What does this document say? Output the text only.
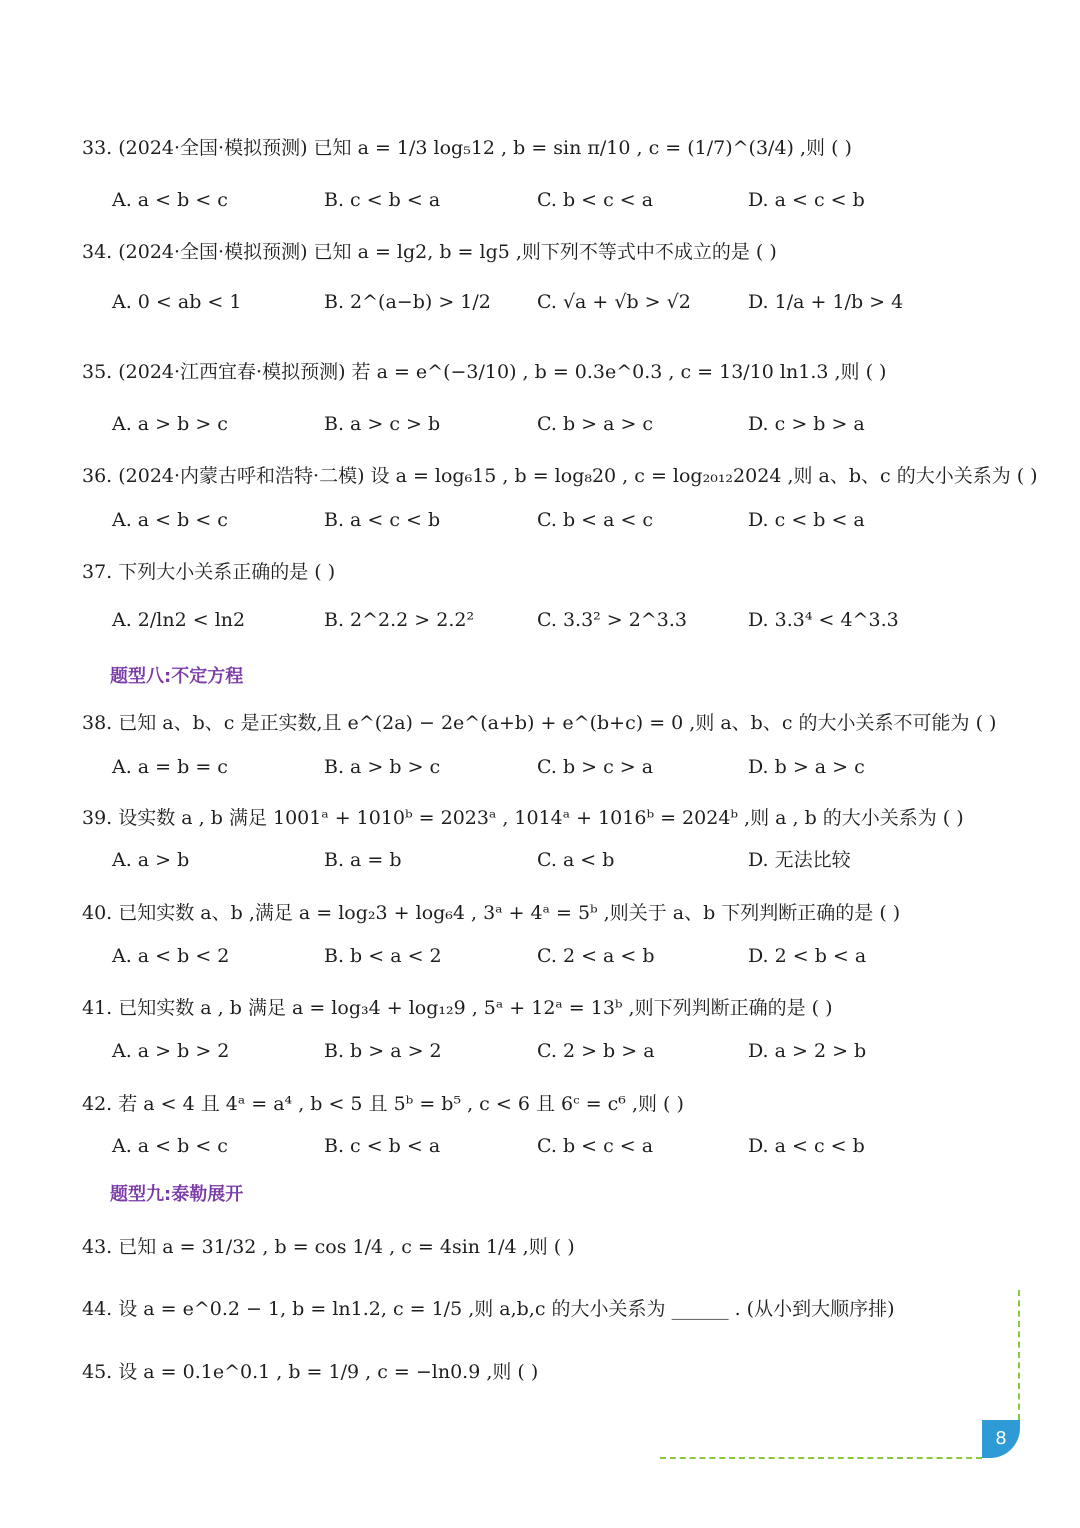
33. (2024·全国·模拟预测) 已知 a = 1/3 log₅12 , b = sin π/10 , c = (1/7)^(3/4) ,则 ( )
A. a < b < c	B. c < b < a	C. b < c < a	D. a < c < b
34. (2024·全国·模拟预测) 已知 a = lg2, b = lg5 ,则下列不等式中不成立的是 ( )
A. 0 < ab < 1	B. 2^(a−b) > 1/2 C. √a + √b > √2	D. 1/a + 1/b > 4
35. (2024·江西宜春·模拟预测) 若 a = e^(−3/10) , b = 0.3e^0.3 , c = 13/10 ln1.3 ,则 ( )
A. a > b > c	B. a > c > b	C. b > a > c	D. c > b > a
36. (2024·内蒙古呼和浩特·二模) 设 a = log₆15 , b = log₈20 , c = log₂₀₁₂2024 ,则 a、b、c 的大小关系为 ( )
A. a < b < c	B. a < c < b	C. b < a < c	D. c < b < a
37. 下列大小关系正确的是 ( )
A. 2/ln2 < ln2	B. 2^2.2 > 2.2²	C. 3.3² > 2^3.3	D. 3.3⁴ < 4^3.3
题型八:不定方程
38. 已知 a、b、c 是正实数,且 e^(2a) − 2e^(a+b) + e^(b+c) = 0 ,则 a、b、c 的大小关系不可能为 ( )
A. a = b = c	B. a > b > c	C. b > c > a	D. b > a > c
39. 设实数 a , b 满足 1001ᵃ + 1010ᵇ = 2023ᵃ , 1014ᵃ + 1016ᵇ = 2024ᵇ ,则 a , b 的大小关系为 ( )
A. a > b	B. a = b	C. a < b	D. 无法比较
40. 已知实数 a、b ,满足 a = log₂3 + log₆4 , 3ᵃ + 4ᵃ = 5ᵇ ,则关于 a、b 下列判断正确的是 ( )
A. a < b < 2	B. b < a < 2	C. 2 < a < b	D. 2 < b < a
41. 已知实数 a , b 满足 a = log₃4 + log₁₂9 , 5ᵃ + 12ᵃ = 13ᵇ ,则下列判断正确的是 ( )
A. a > b > 2	B. b > a > 2	C. 2 > b > a	D. a > 2 > b
42. 若 a < 4 且 4ᵃ = a⁴ , b < 5 且 5ᵇ = b⁵ , c < 6 且 6ᶜ = c⁶ ,则 ( )
A. a < b < c	B. c < b < a	C. b < c < a	D. a < c < b
题型九:泰勒展开
43. 已知 a = 31/32 , b = cos 1/4 , c = 4sin 1/4 ,则 ( )
44. 设 a = e^0.2 − 1, b = ln1.2, c = 1/5 ,则 a,b,c 的大小关系为 ______ . (从小到大顺序排)
45. 设 a = 0.1e^0.1 , b = 1/9 , c = −ln0.9 ,则 ( )
8
